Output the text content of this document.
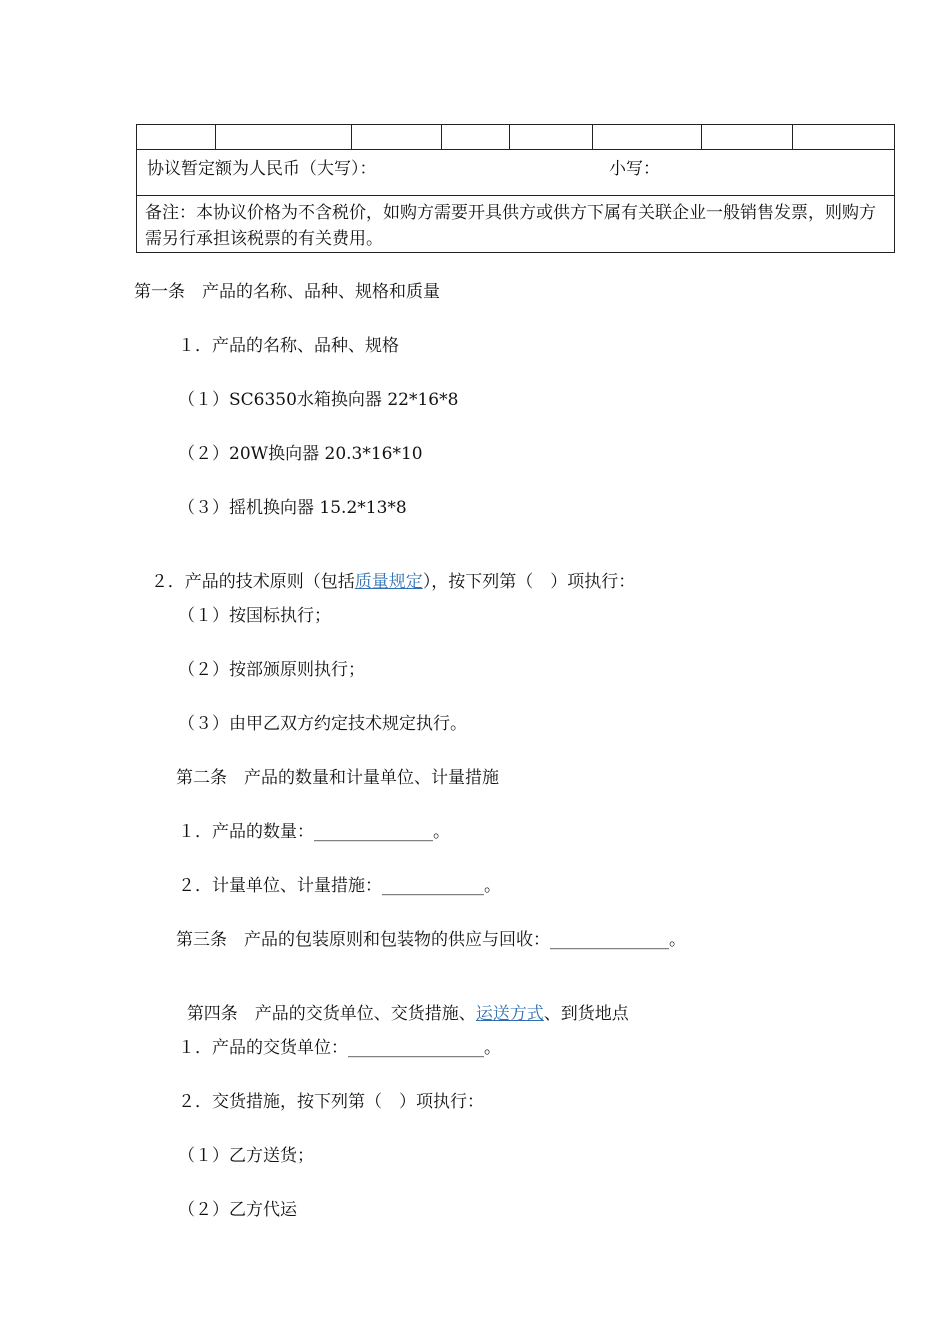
协议暂定额为人民币（大写）：	小写：

备注：本协议价格为不含税价，如购方需要开具供方或供方下属有关联企业一般销售发票，则购方需另行承担该税票的有关费用。
第一条　产品的名称、品种、规格和质量
１．产品的名称、品种、规格
（１）SC6350水箱换向器 22*16*8
（２）20W换向器 20.3*16*10
（３）摇机换向器 15.2*13*8

２．产品的技术原则（包括质量规定），按下列第（　）项执行：

（１）按国标执行；
（２）按部颁原则执行；
（３）由甲乙双方约定技术规定执行。
第二条　产品的数量和计量单位、计量措施
１．产品的数量：______________。
２．计量单位、计量措施：____________。
第三条　产品的包装原则和包装物的供应与回收：______________。

第四条　产品的交货单位、交货措施、运送方式、到货地点

１．产品的交货单位：________________。
２．交货措施，按下列第（　）项执行：
（１）乙方送货；
（２）乙方代运
